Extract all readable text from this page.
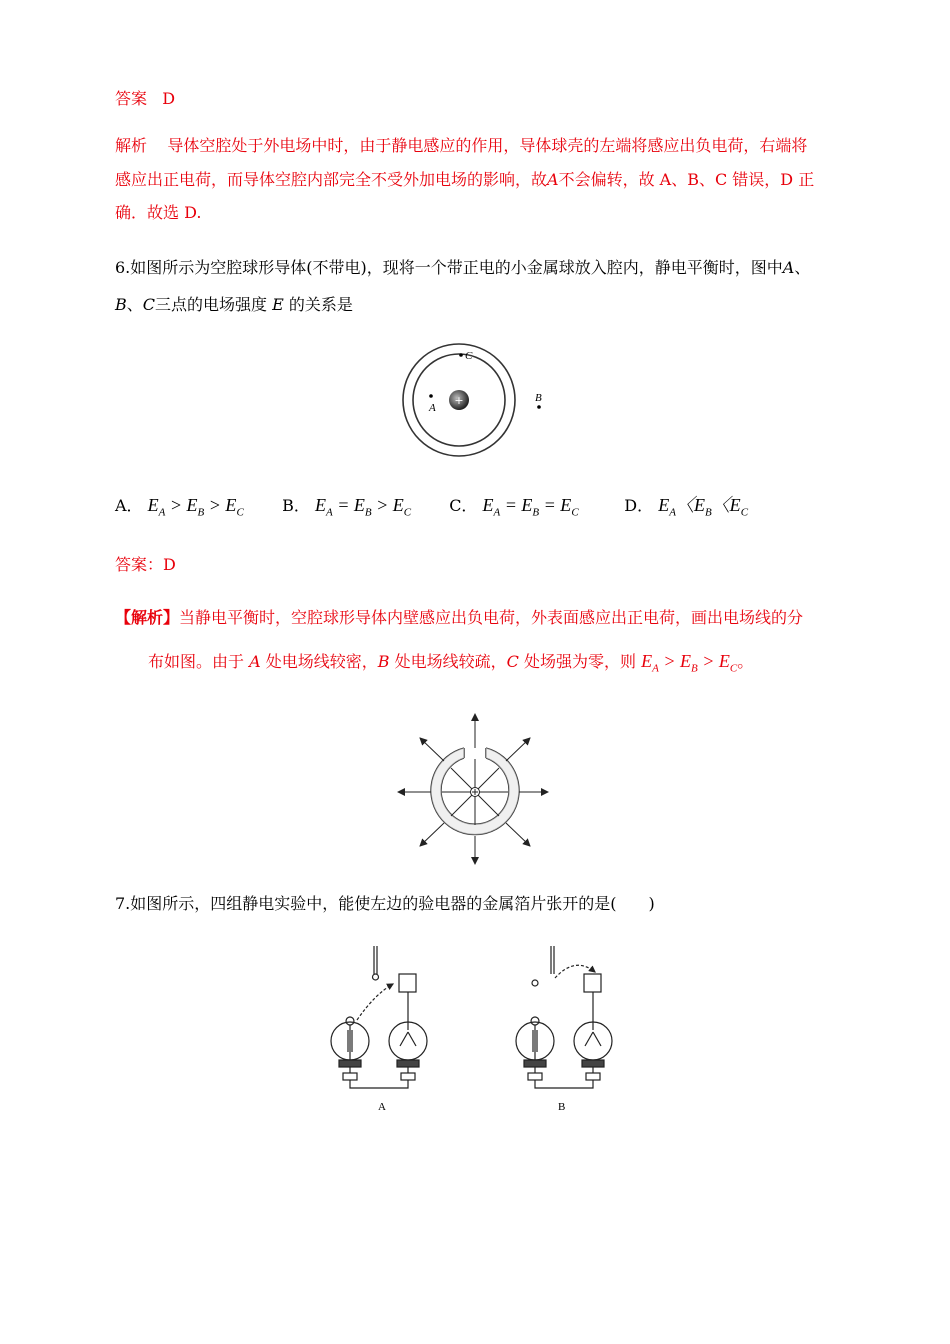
答案 D
解析 导体空腔处于外电场中时，由于静电感应的作用，导体球壳的左端将感应出负电荷，右端将
感应出正电荷，而导体空腔内部完全不受外加电场的影响，故A不会偏转，故 A、B、C 错误，D 正
确．故选 D.
6.如图所示为空腔球形导体(不带电)，现将一个带正电的小金属球放入腔内，静电平衡时，图中A、
B、C三点的电场强度 E 的关系是
+
C
A
B
A． $E_A > E_B > E_C$ B． $E_A = E_B > E_C$ C． $E_A = E_B = E_C$	D． $E_A$〈$E_B$〈$E_C$
答案：D
【解析】当静电平衡时，空腔球形导体内壁感应出负电荷，外表面感应出正电荷，画出电场线的分
布如图。由于 A 处电场线较密，B 处电场线较疏，C 处场强为零，则 $E_A > E_B > E_C$。
7.如图所示，四组静电实验中，能使左边的验电器的金属箔片张开的是(　　)
A	B
